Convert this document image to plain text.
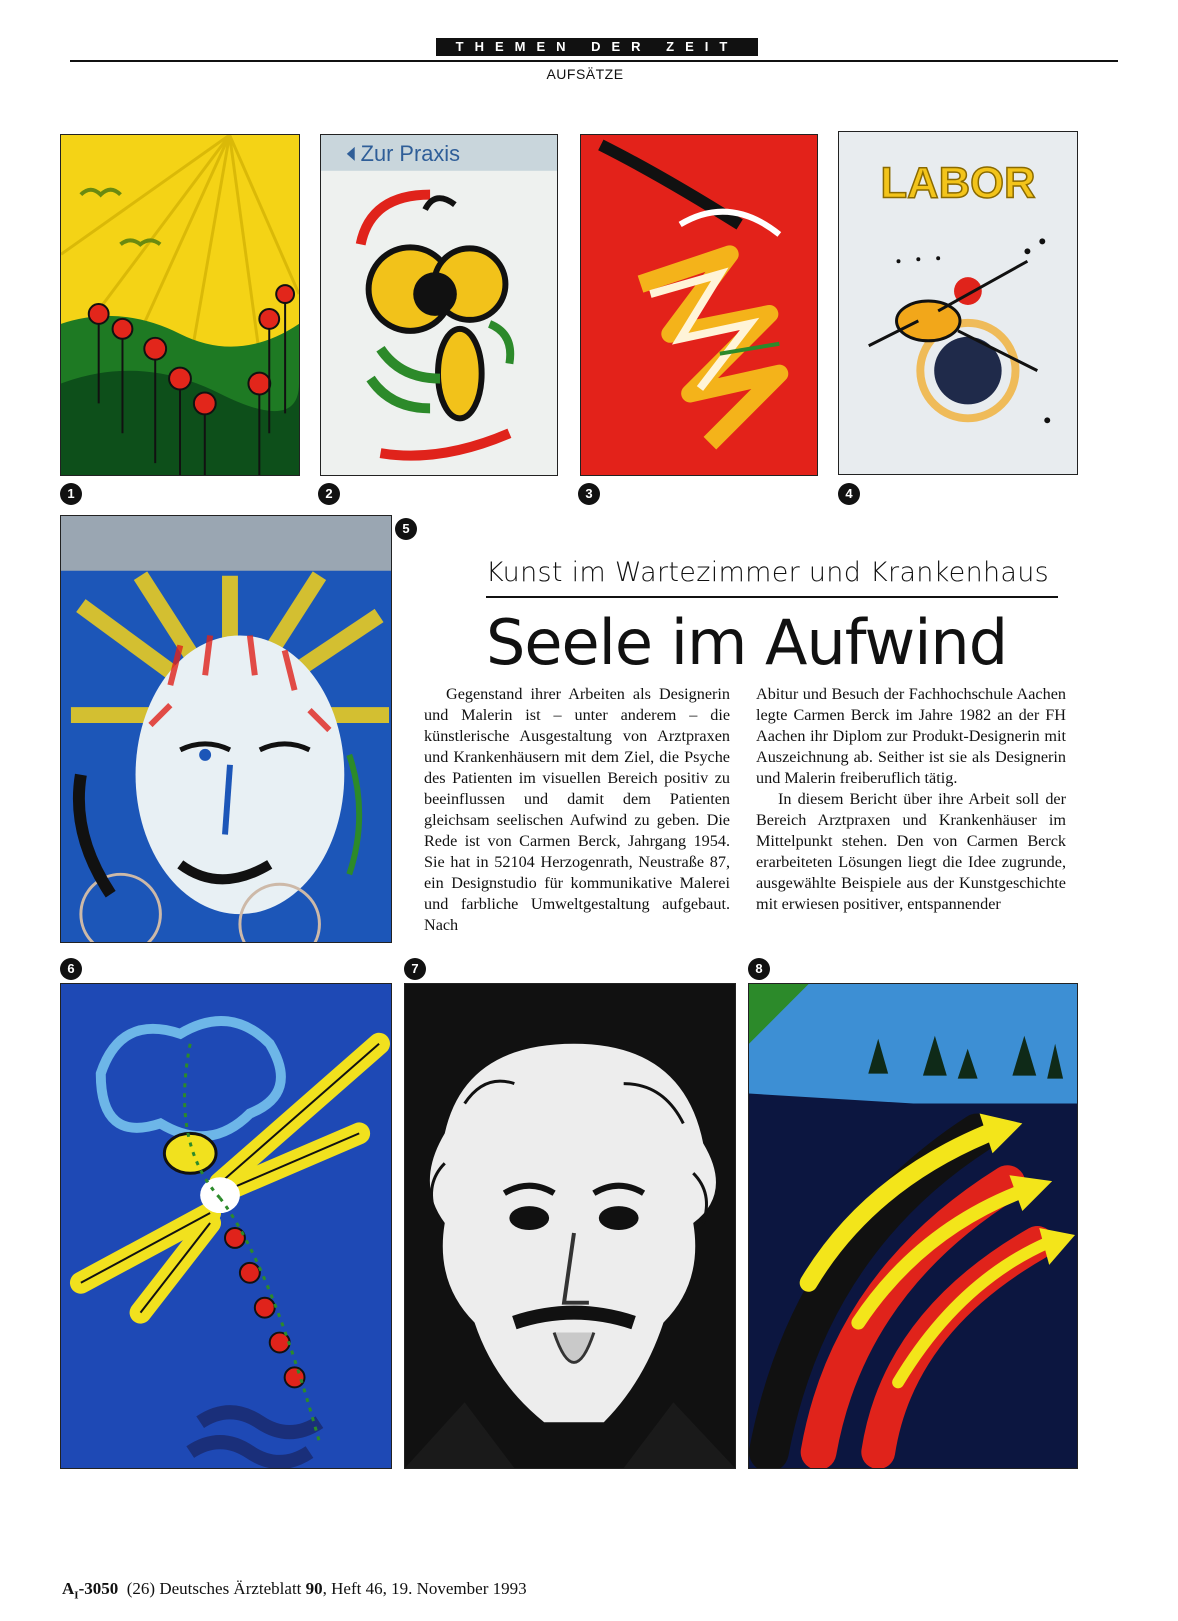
THEMEN DER ZEIT
AUFSÄTZE
1
Zur Praxis
2	3
LABOR
4
5
Kunst im Wartezimmer und Krankenhaus
Seele im Aufwind

Gegenstand ihrer Arbeiten als Designerin und Malerin ist – unter anderem – die künstlerische Ausgestaltung von Arztpraxen und Krankenhäusern mit dem Ziel, die Psyche des Patienten im visuellen Bereich positiv zu beeinflussen und damit dem Patienten gleichsam seelischen Aufwind zu geben. Die Rede ist von Carmen Berck, Jahrgang 1954. Sie hat in 52104 Herzogenrath, Neustraße 87, ein Designstudio für kommunikative Malerei und farbliche Umweltgestaltung aufgebaut. Nach

Abitur und Besuch der Fachhochschule Aachen legte Carmen Berck im Jahre 1982 an der FH Aachen ihr Diplom zur Produkt-Designerin mit Auszeichnung ab. Seither ist sie als Designerin und Malerin freiberuflich tätig.

In diesem Bericht über ihre Arbeit soll der Bereich Arztpraxen und Krankenhäuser im Mittelpunkt stehen. Den von Carmen Berck erarbeiteten Lösungen liegt die Idee zugrunde, ausgewählte Beispiele aus der Kunstgeschichte mit erwiesen positiver, entspannender

6	7	8
$A_I-3050$ (26) Deutsches Ärzteblatt 90, Heft 46, 19. November 1993
